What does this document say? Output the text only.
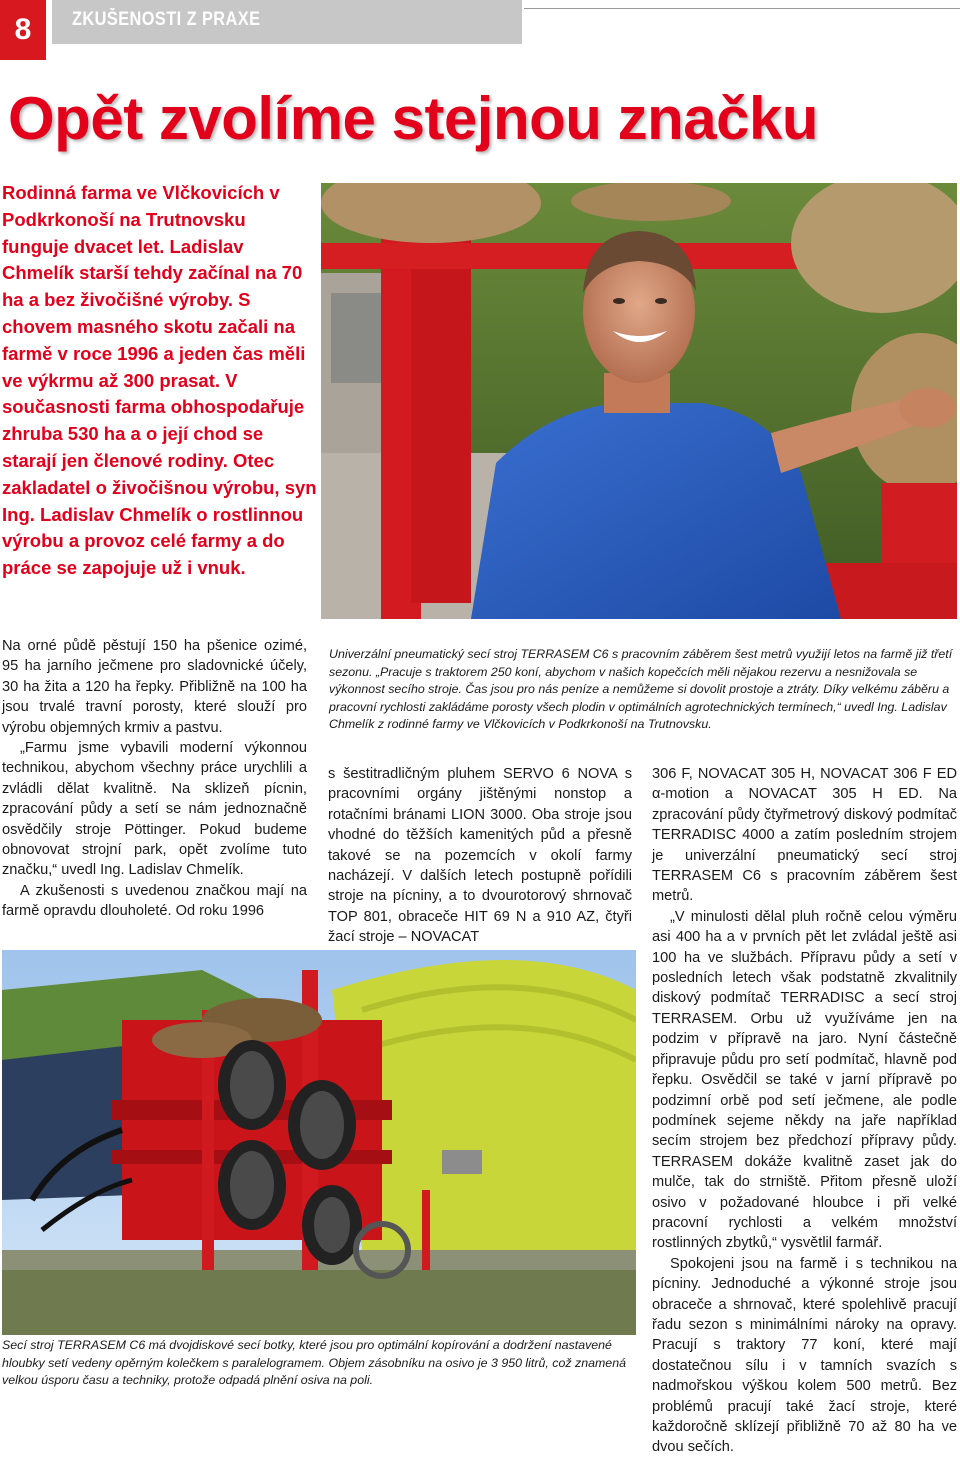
8	ZKUŠENOSTI Z PRAXE
Opět zvolíme stejnou značku
Rodinná farma ve Vlčkovicích v Podkrkonoší na Trutnovsku funguje dvacet let. Ladislav Chmelík starší tehdy začínal na 70 ha a bez živočišné výroby. S chovem masného skotu začali na farmě v roce 1996 a jeden čas měli ve výkrmu až 300 prasat. V současnosti farma obhospodařuje zhruba 530 ha a o její chod se starají jen členové rodiny. Otec zakladatel o živočišnou výrobu, syn Ing. Ladislav Chmelík o rostlinnou výrobu a provoz celé farmy a do práce se zapojuje už i vnuk.
Univerzální pneumatický secí stroj TERRASEM C6 s pracovním záběrem šest metrů využijí letos na farmě již třetí sezonu. „Pracuje s traktorem 250 koní, abychom v našich kopečcích měli nějakou rezervu a nesnižovala se výkonnost secího stroje. Čas jsou pro nás peníze a nemůžeme si dovolit prostoje a ztráty. Díky velkému záběru a pracovní rychlosti zakládáme porosty všech plodin v optimálních agrotechnických termínech,“ uvedl Ing. Ladislav Chmelík z rodinné farmy ve Vlčkovicích v Podkrkonoší na Trutnovsku.

Na orné půdě pěstují 150 ha pšenice ozimé, 95 ha jarního ječmene pro sladovnické účely, 30 ha žita a 120 ha řepky. Přibližně na 100 ha jsou trvalé travní porosty, které slouží pro výrobu objemných krmiv a pastvu.

„Farmu jsme vybavili moderní výkonnou technikou, abychom všechny práce urychlili a zvládli dělat kvalitně. Na sklizeň pícnin, zpracování půdy a setí se nám jednoznačně osvědčily stroje Pöttinger. Pokud budeme obnovovat strojní park, opět zvolíme tuto značku,“ uvedl Ing. Ladislav Chmelík.

A zkušenosti s uvedenou značkou mají na farmě opravdu dlouholeté. Od roku 1996

s šestitradličným pluhem SERVO 6 NOVA s pracovními orgány jištěnými nonstop a rotačními bránami LION 3000. Oba stroje jsou vhodné do těžších kamenitých půd a přesně takové se na pozemcích v okolí farmy nacházejí. V dalších letech postupně pořídili stroje na pícniny, a to dvourotorový shrnovač TOP 801, obraceče HIT 69 N a 910 AZ, čtyři žací stroje – NOVACAT

306 F, NOVACAT 305 H, NOVACAT 306 F ED α-motion a NOVACAT 305 H ED. Na zpracování půdy čtyřmetrový diskový podmítač TERRADISC 4000 a zatím posledním strojem je univerzální pneumatický secí stroj TERRASEM C6 s pracovním záběrem šest metrů.

„V minulosti dělal pluh ročně celou výměru asi 400 ha a v prvních pět let zvládal ještě asi 100 ha ve službách. Přípravu půdy a setí v posledních letech však podstatně zkvalitnily diskový podmítač TERRADISC a secí stroj TERRASEM. Orbu už využíváme jen na podzim v přípravě na jaro. Nyní částečně připravuje půdu pro setí podmítač, hlavně pod řepku. Osvědčil se také v jarní přípravě po podzimní orbě pod setí ječmene, ale podle podmínek sejeme někdy na jaře například secím strojem bez předchozí přípravy půdy. TERRASEM dokáže kvalitně zaset jak do mulče, tak do strniště. Přitom přesně uloží osivo v požadované hloubce i při velké pracovní rychlosti a velkém množství rostlinných zbytků,“ vysvětlil farmář.

Spokojeni jsou na farmě i s technikou na pícniny. Jednoduché a výkonné stroje jsou obraceče a shrnovač, které spolehlivě pracují řadu sezon s minimálními nároky na opravy. Pracují s traktory 77 koní, které mají dostatečnou sílu i v tamních svazích s nadmořskou výškou kolem 500 metrů. Bez problémů pracují také žací stroje, které každoročně sklízejí přibližně 70 až 80 ha ve dvou sečích.

Secí stroj TERRASEM C6 má dvojdiskové secí botky, které jsou pro optimální kopírování a dodržení nastavené hloubky setí vedeny opěrným kolečkem s paralelogramem. Objem zásobníku na osivo je 3 950 litrů, což znamená velkou úsporu času a techniky, protože odpadá plnění osiva na poli.
